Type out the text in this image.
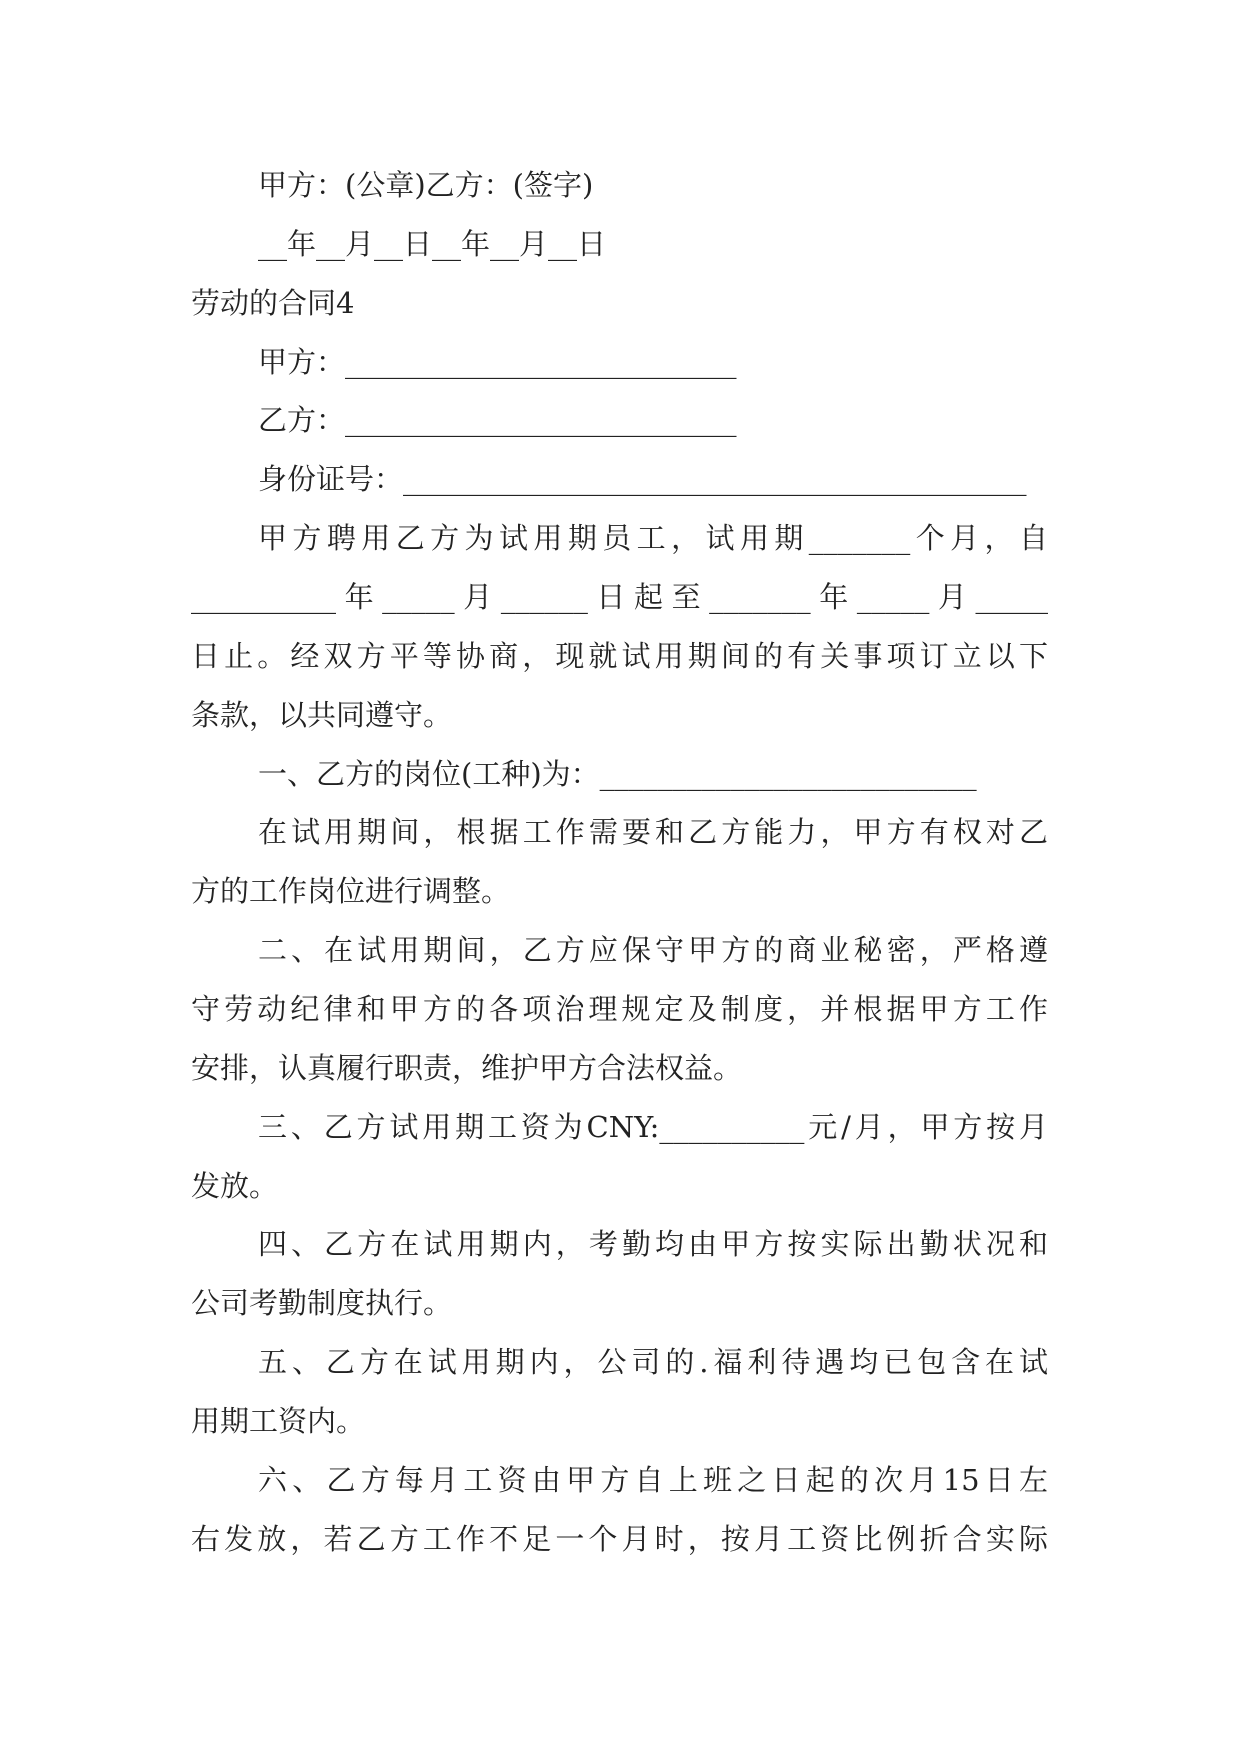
甲方：(公章)乙方：(签字)
__年__月__日__年__月__日
劳动的合同4
甲方：___________________________
乙方：___________________________
身份证号：___________________________________________
甲方聘用乙方为试用期员工，试用期_______个月，自
__________年_____月______日起至_______年_____月_____
日止。经双方平等协商，现就试用期间的有关事项订立以下
条款，以共同遵守。
一、乙方的岗位(工种)为：__________________________
在试用期间，根据工作需要和乙方能力，甲方有权对乙
方的工作岗位进行调整。
二、在试用期间，乙方应保守甲方的商业秘密，严格遵
守劳动纪律和甲方的各项治理规定及制度，并根据甲方工作
安排，认真履行职责，维护甲方合法权益。
三、乙方试用期工资为CNY:__________元/月，甲方按月
发放。
四、乙方在试用期内，考勤均由甲方按实际出勤状况和
公司考勤制度执行。
五、乙方在试用期内，公司的.福利待遇均已包含在试
用期工资内。
六、乙方每月工资由甲方自上班之日起的次月15日左
右发放，若乙方工作不足一个月时，按月工资比例折合实际
